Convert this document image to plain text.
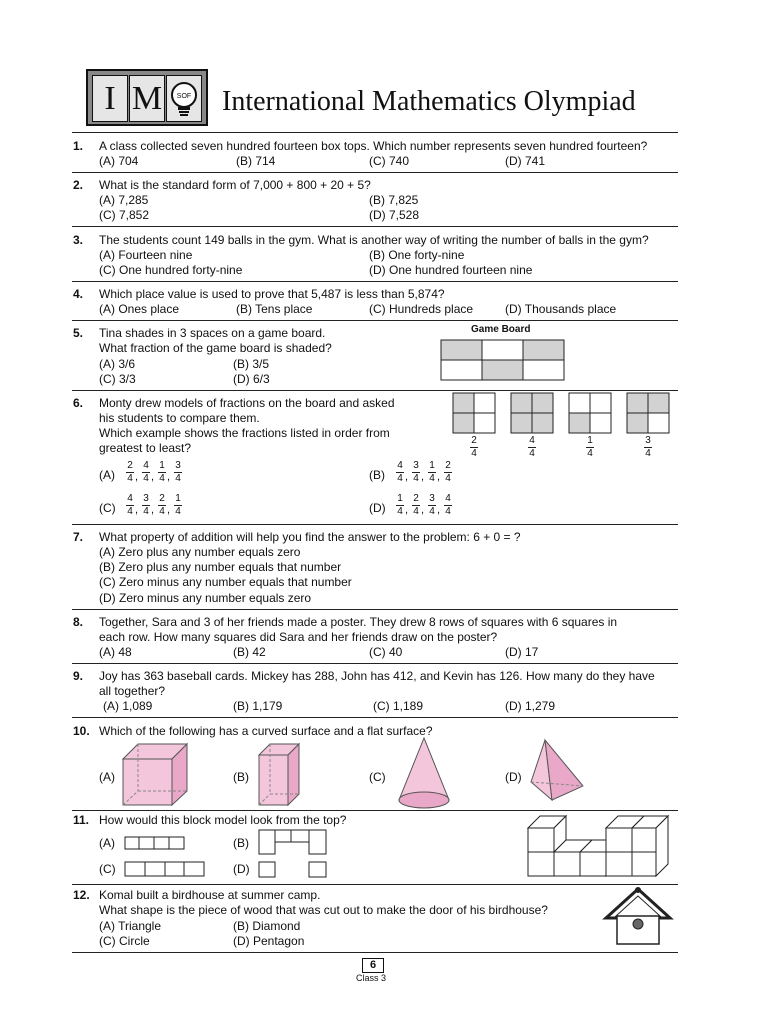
I M	SOF International Mathematics Olympiad
1. A class collected seven hundred fourteen box tops. Which number represents seven hundred fourteen?
(A) 704	(B) 714	(C) 740	(D) 741
2. What is the standard form of 7,000 + 800 + 20 + 5?
(A) 7,285	(B) 7,825
(C) 7,852	(D) 7,528
3. The students count 149 balls in the gym. What is another way of writing the number of balls in the gym?
(A) Fourteen nine	(B) One forty-nine
(C) One hundred forty-nine	(D) One hundred fourteen nine
4. Which place value is used to prove that 5,487 is less than 5,874?
(A) Ones place	(B) Tens place	(C) Hundreds place	(D) Thousands place
5. Tina shades in 3 spaces on a game board.
What fraction of the game board is shaded?
(A) 3/6	(B) 3/5
(C) 3/3	(D) 6/3
Game Board
6. Monty drew models of fractions on the board and asked
his students to compare them.
Which example shows the fractions listed in order from
greatest to least?	$\frac{2}{4}$	$\frac{4}{4}$	$\frac{1}{4}$	$\frac{3}{4}$
$(A) \frac{2}{4}$ , $\frac{4}{4}$ , $\frac{1}{4}$ , $\frac{3}{4}$	$(B) \frac{4}{4}$ , $\frac{3}{4}$ , $\frac{1}{4}$ , $\frac{2}{4}$
$(C) \frac{4}{4}$ , $\frac{3}{4}$ , $\frac{2}{4}$ , $\frac{1}{4}$	$(D) \frac{1}{4}$ , $\frac{2}{4}$ , $\frac{3}{4}$ , $\frac{4}{4}$
7. What property of addition will help you find the answer to the problem: 6 + 0 = ?
(A) Zero plus any number equals zero
(B) Zero plus any number equals that number
(C) Zero minus any number equals that number
(D) Zero minus any number equals zero
8. Together, Sara and 3 of her friends made a poster. They drew 8 rows of squares with 6 squares in
each row. How many squares did Sara and her friends draw on the poster?
(A) 48	(B) 42	(C) 40	(D) 17
9. Joy has 363 baseball cards. Mickey has 288, John has 412, and Kevin has 126. How many do they have
all together?
(A) 1,089	(B) 1,179	(C) 1,189	(D) 1,279
10. Which of the following has a curved surface and a flat surface?
(A)	(B)	(C)	(D)
11. How would this block model look from the top?
(A)	(B)
(C)	(D)
12. Komal built a birdhouse at summer camp.
What shape is the piece of wood that was cut out to make the door of his birdhouse?
(A) Triangle	(B) Diamond
(C) Circle	(D) Pentagon
6
Class 3
